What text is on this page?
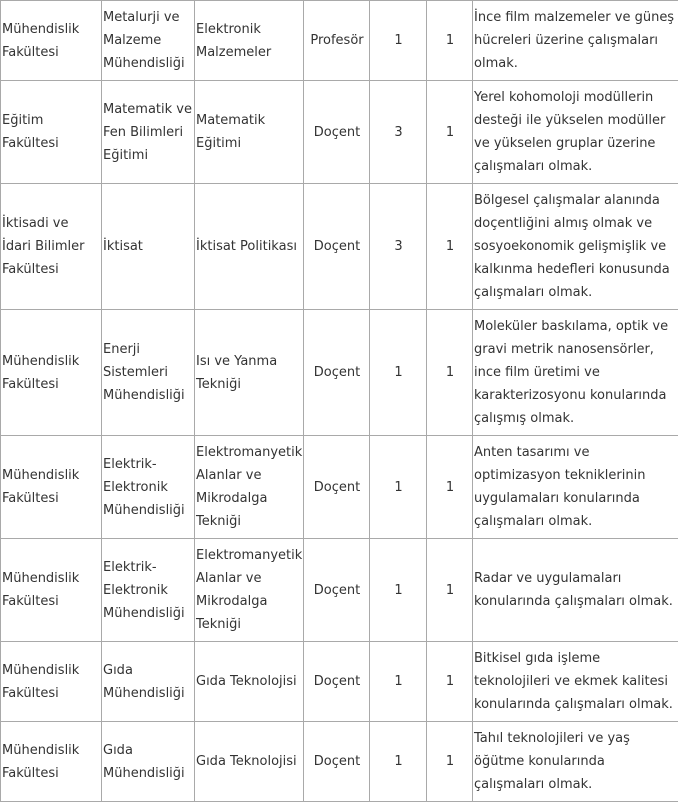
Mühendislik Fakültesi	Metalurji ve Malzeme Mühendisliği	Elektronik Malzemeler	Profesör	1	1	İnce film malzemeler ve güneş hücreleri üzerine çalışmaları olmak.
Eğitim Fakültesi	Matematik ve Fen Bilimleri Eğitimi	Matematik Eğitimi	Doçent	3	1	Yerel kohomoloji modüllerin desteği ile yükselen modüller ve yükselen gruplar üzerine çalışmaları olmak.
İktisadi ve İdari Bilimler Fakültesi	İktisat	İktisat Politikası	Doçent	3	1	Bölgesel çalışmalar alanında doçentliğini almış olmak ve sosyoekonomik gelişmişlik ve kalkınma hedefleri konusunda çalışmaları olmak.
Mühendislik Fakültesi	Enerji Sistemleri Mühendisliği	Isı ve Yanma Tekniği	Doçent	1	1	Moleküler baskılama, optik ve gravi metrik nanosensörler, ince film üretimi ve karakterizosyonu konularında çalışmış olmak.
Mühendislik Fakültesi	Elektrik-Elektronik Mühendisliği	Elektromanyetik Alanlar ve Mikrodalga Tekniği	Doçent	1	1	Anten tasarımı ve optimizasyon tekniklerinin uygulamaları konularında çalışmaları olmak.
Mühendislik Fakültesi	Elektrik-Elektronik Mühendisliği	Elektromanyetik Alanlar ve Mikrodalga Tekniği	Doçent	1	1	Radar ve uygulamaları konularında çalışmaları olmak.
Mühendislik Fakültesi	Gıda Mühendisliği	Gıda Teknolojisi	Doçent	1	1	Bitkisel gıda işleme teknolojileri ve ekmek kalitesi konularında çalışmaları olmak.
Mühendislik Fakültesi	Gıda Mühendisliği	Gıda Teknolojisi	Doçent	1	1	Tahıl teknolojileri ve yaş öğütme konularında çalışmaları olmak.
